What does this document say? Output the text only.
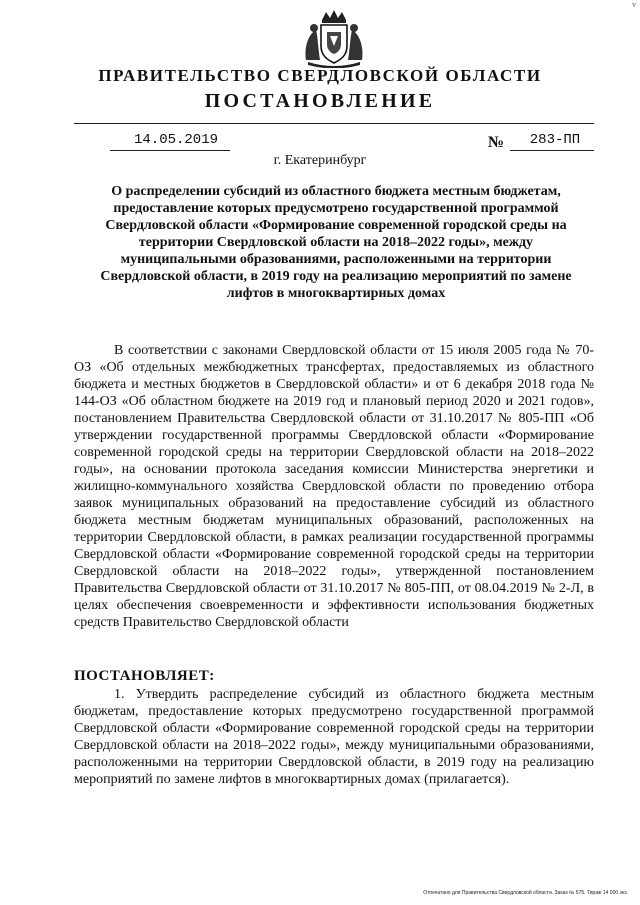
v
ПРАВИТЕЛЬСТВО СВЕРДЛОВСКОЙ ОБЛАСТИ
ПОСТАНОВЛЕНИЕ
14.05.2019	№	283-ПП
г. Екатеринбург
О распределении субсидий из областного бюджета местным бюджетам, предоставление которых предусмотрено государственной программой Свердловской области «Формирование современной городской среды на территории Свердловской области на 2018–2022 годы», между муниципальными образованиями, расположенными на территории Свердловской области, в 2019 году на реализацию мероприятий по замене лифтов в многоквартирных домах
В соответствии с законами Свердловской области от 15 июля 2005 года № 70-ОЗ «Об отдельных межбюджетных трансфертах, предоставляемых из областного бюджета и местных бюджетов в Свердловской области» и от 6 декабря 2018 года № 144-ОЗ «Об областном бюджете на 2019 год и плановый период 2020 и 2021 годов», постановлением Правительства Свердловской области от 31.10.2017 № 805-ПП «Об утверждении государственной программы Свердловской области «Формирование современной городской среды на территории Свердловской области на 2018–2022 годы», на основании протокола заседания комиссии Министерства энергетики и жилищно-коммунального хозяйства Свердловской области по проведению отбора заявок муниципальных образований на предоставление субсидий из областного бюджета местным бюджетам муниципальных образований, расположенных на территории Свердловской области, в рамках реализации государственной программы Свердловской области «Формирование современной городской среды на территории Свердловской области на 2018–2022 годы», утвержденной постановлением Правительства Свердловской области от 31.10.2017 № 805-ПП, от 08.04.2019 № 2-Л, в целях обеспечения своевременности и эффективности использования бюджетных средств Правительство Свердловской области
ПОСТАНОВЛЯЕТ:
1. Утвердить распределение субсидий из областного бюджета местным бюджетам, предоставление которых предусмотрено государственной программой Свердловской области «Формирование современной городской среды на территории Свердловской области на 2018–2022 годы», между муниципальными образованиями, расположенными на территории Свердловской области, в 2019 году на реализацию мероприятий по замене лифтов в многоквартирных домах (прилагается).
Отпечатано для Правительства Свердловской области. Заказ № 575. Тираж 14 000 экз.
